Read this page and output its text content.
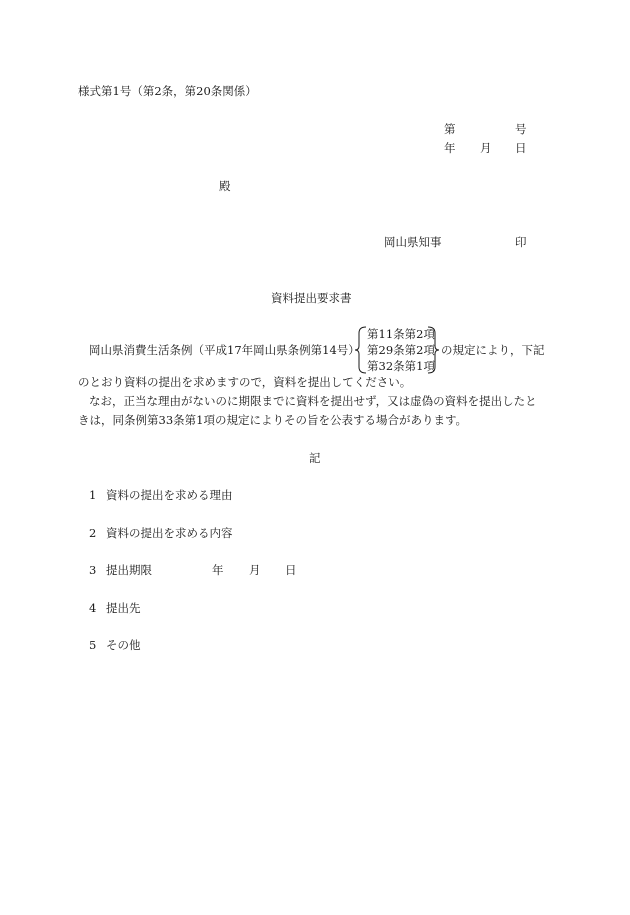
様式第1号（第2条，第20条関係）
第	号
年 月 日
殿
岡山県知事	印
資料提出要求書
岡山県消費生活条例（平成17年岡山県条例第14号）
第11条第2項
第29条第2項
第32条第1項
の規定により，下記
のとおり資料の提出を求めますので，資料を提出してください。
なお，正当な理由がないのに期限までに資料を提出せず，又は虚偽の資料を提出したと
きは，同条例第33条第1項の規定によりその旨を公表する場合があります。
記
1 資料の提出を求める理由
2 資料の提出を求める内容
3 提出期限	年 月 日
4 提出先
5 その他
